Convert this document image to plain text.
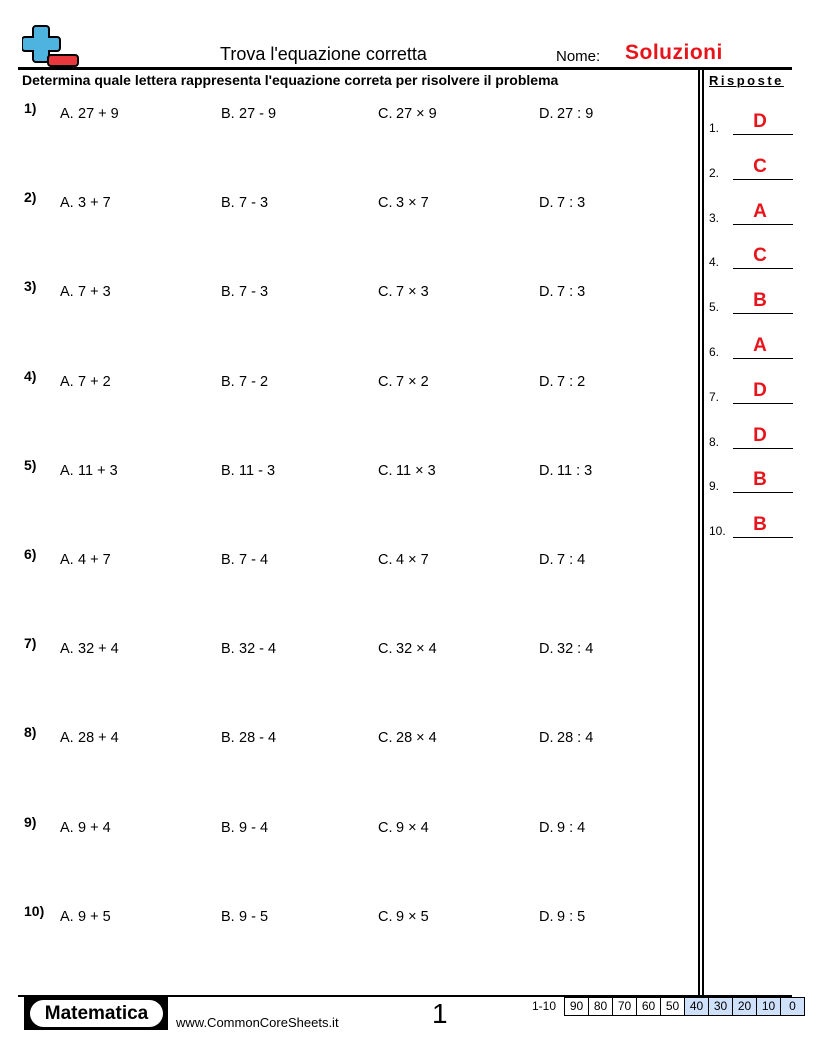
Trova l'equazione corretta	Nome: Soluzioni
Determina quale lettera rappresenta l'equazione correta per risolvere il problema	Risposte
1) A. 27 + 9	B. 27 - 9	C. 27 × 9	D. 27 : 9
2) A. 3 + 7	B. 7 - 3	C. 3 × 7	D. 7 : 3
3) A. 7 + 3	B. 7 - 3	C. 7 × 3	D. 7 : 3
4) A. 7 + 2	B. 7 - 2	C. 7 × 2	D. 7 : 2
5) A. 11 + 3	B. 11 - 3	C. 11 × 3	D. 11 : 3
6) A. 4 + 7	B. 7 - 4	C. 4 × 7	D. 7 : 4
7) A. 32 + 4	B. 32 - 4	C. 32 × 4	D. 32 : 4
8) A. 28 + 4	B. 28 - 4	C. 28 × 4	D. 28 : 4
9) A. 9 + 4	B. 9 - 4	C. 9 × 4	D. 9 : 4
10) A. 9 + 5	B. 9 - 5	C. 9 × 5	D. 9 : 5
1.	D
2.	C
3.	A
4.	C
5.	B
6.	A
7.	D
8.	D
9.	B
10.	B
Matematica	www.CommonCoreSheets.it	1	1-10	90 80 70 60 50 40 30 20 10	0
